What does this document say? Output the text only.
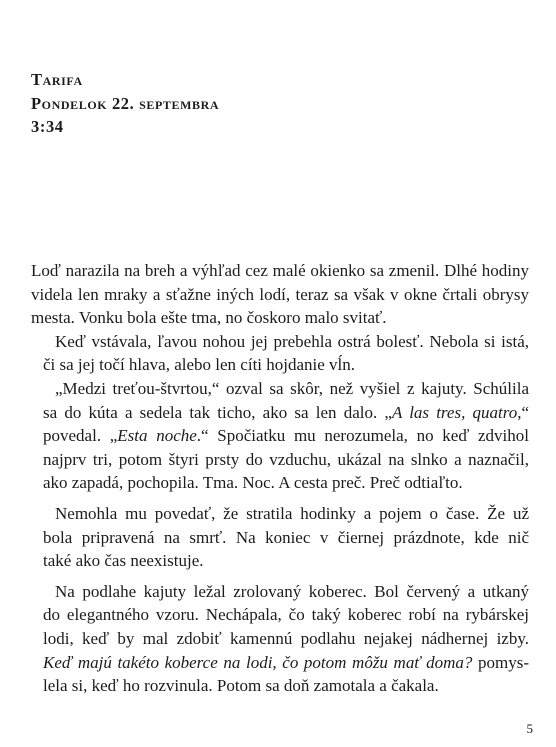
Tarifa
Pondelok 22. septembra
3:34
Loď narazila na breh a výhľad cez malé okienko sa zmenil. Dlhé hodiny
videla len mraky a sťažne iných lodí, teraz sa však v okne črtali obrysy
mesta. Vonku bola ešte tma, no čoskoro malo svitať.
Keď vstávala, ľavou nohou jej prebehla ostrá bolesť. Nebola si istá,
či sa jej točí hlava, alebo len cíti hojdanie vĺn.
„Medzi treťou-štvrtou,“ ozval sa skôr, než vyšiel z kajuty. Schúlila
sa do kúta a sedela tak ticho, ako sa len dalo. „A las tres, quatro,“
povedal. „Esta noche.“ Spočiatku mu nerozumela, no keď zdvihol
najprv tri, potom štyri prsty do vzduchu, ukázal na slnko a naznačil,
ako zapadá, pochopila. Tma. Noc. A cesta preč. Preč odtiaľto.
Nemohla mu povedať, že stratila hodinky a pojem o čase. Že už
bola pripravená na smrť. Na koniec v čiernej prázdnote, kde nič
také ako čas neexistuje.
Na podlahe kajuty ležal zrolovaný koberec. Bol červený a utkaný
do elegantného vzoru. Nechápala, čo taký koberec robí na rybárskej
lodi, keď by mal zdobiť kamennú podlahu nejakej nádhernej izby.
Keď majú takéto koberce na lodi, čo potom môžu mať doma? pomys-
lela si, keď ho rozvinula. Potom sa doň zamotala a čakala.
5
